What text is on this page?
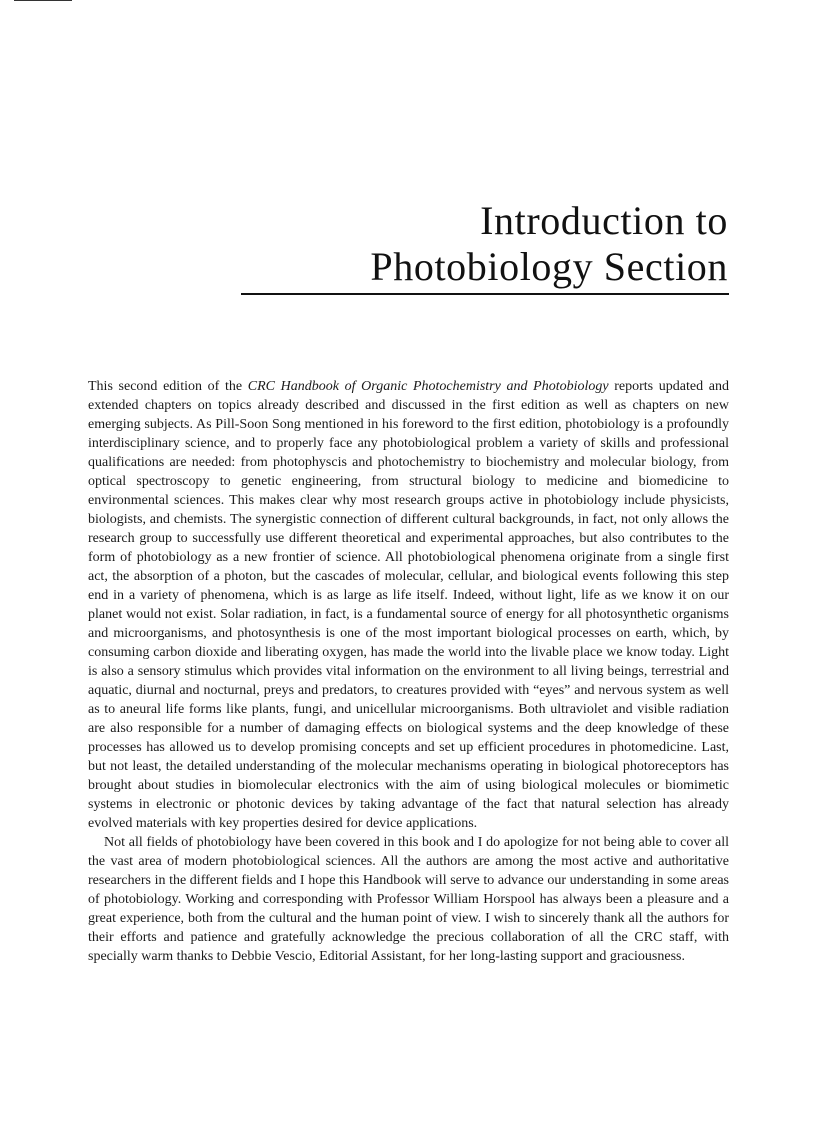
Introduction to
Photobiology Section

This second edition of the CRC Handbook of Organic Photochemistry and Photobiology reports updated and extended chapters on topics already described and discussed in the first edition as well as chapters on new emerging subjects. As Pill-Soon Song mentioned in his foreword to the first edition, photobiology is a profoundly interdisciplinary science, and to properly face any photobiological problem a variety of skills and professional qualifications are needed: from photophyscis and photochemistry to biochemistry and molecular biology, from optical spectroscopy to genetic engineering, from structural biology to medicine and biomedicine to environmental sciences. This makes clear why most research groups active in photobiology include physicists, biologists, and chemists. The synergistic connection of different cultural backgrounds, in fact, not only allows the research group to successfully use different theoretical and experimental approaches, but also contributes to the form of photobiology as a new frontier of science. All photobiological phenomena originate from a single first act, the absorption of a photon, but the cascades of molecular, cellular, and biological events following this step end in a variety of phenomena, which is as large as life itself. Indeed, without light, life as we know it on our planet would not exist. Solar radiation, in fact, is a fundamental source of energy for all photosynthetic organisms and microorganisms, and photosynthesis is one of the most important biological processes on earth, which, by consuming carbon dioxide and liberating oxygen, has made the world into the livable place we know today. Light is also a sensory stimulus which provides vital information on the environment to all living beings, terrestrial and aquatic, diurnal and nocturnal, preys and predators, to creatures provided with “eyes” and nervous system as well as to aneural life forms like plants, fungi, and unicellular microorganisms. Both ultraviolet and visible radiation are also responsible for a number of damaging effects on biological systems and the deep knowledge of these processes has allowed us to develop promising concepts and set up efficient procedures in photomedicine. Last, but not least, the detailed understanding of the molecular mechanisms operating in biological photoreceptors has brought about studies in biomolecular electronics with the aim of using biological molecules or biomimetic systems in electronic or photonic devices by taking advantage of the fact that natural selection has already evolved materials with key properties desired for device applications.

Not all fields of photobiology have been covered in this book and I do apologize for not being able to cover all the vast area of modern photobiological sciences. All the authors are among the most active and authoritative researchers in the different fields and I hope this Handbook will serve to advance our understanding in some areas of photobiology. Working and corresponding with Professor William Horspool has always been a pleasure and a great experience, both from the cultural and the human point of view. I wish to sincerely thank all the authors for their efforts and patience and gratefully acknowledge the precious collaboration of all the CRC staff, with specially warm thanks to Debbie Vescio, Editorial Assistant, for her long-lasting support and graciousness.
